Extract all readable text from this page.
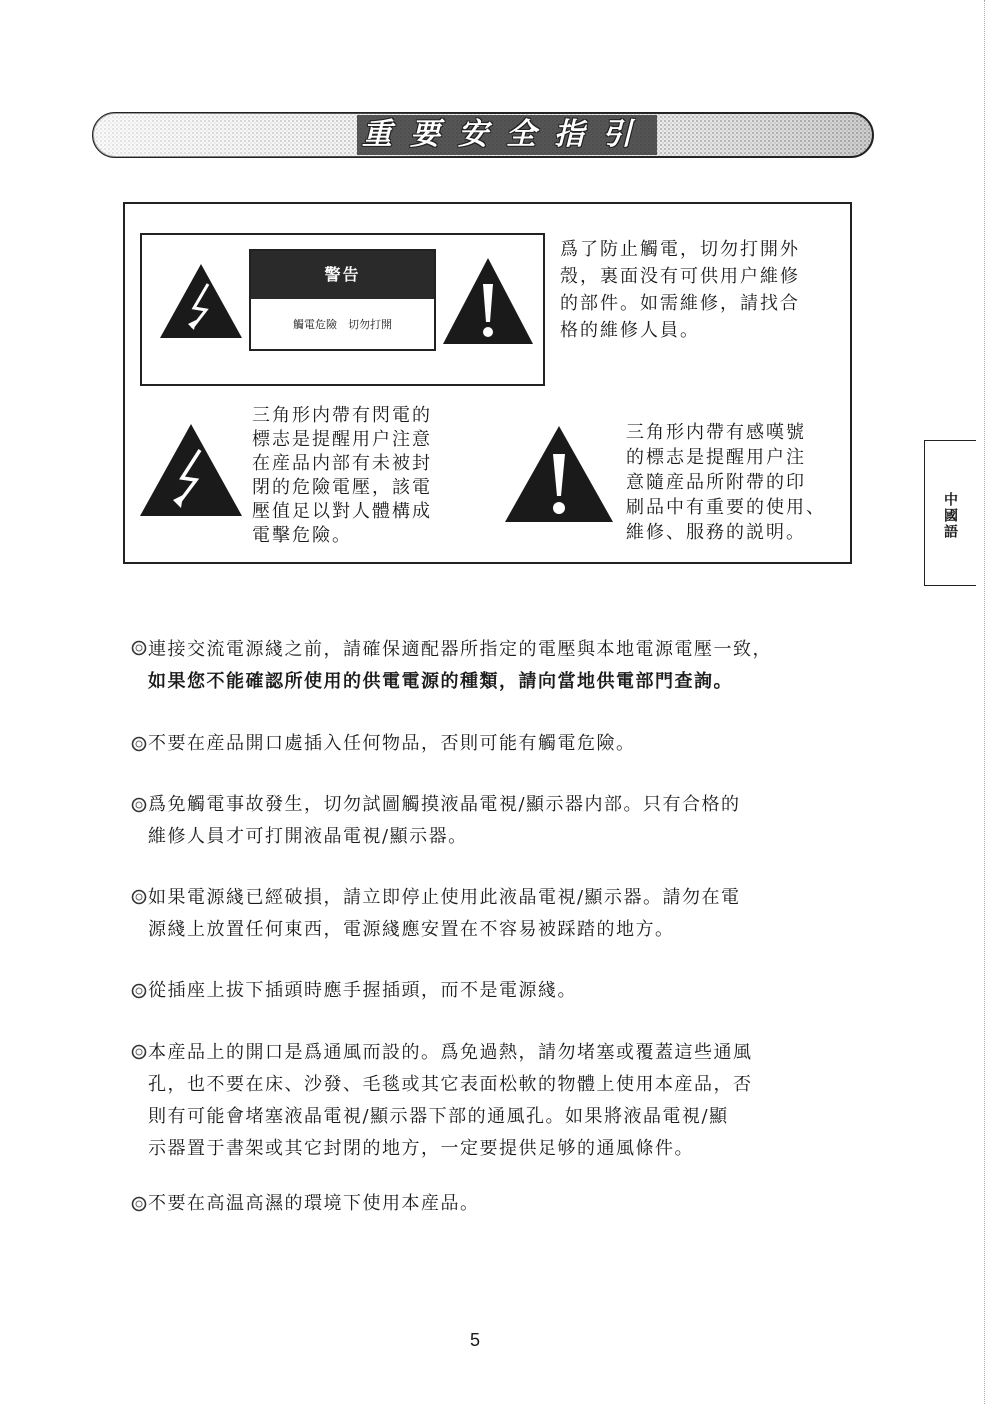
重要安全指引
警告
觸電危險　切勿打開
爲了防止觸電，切勿打開外
殼，裏面没有可供用户維修
的部件。如需維修，請找合
格的維修人員。
三角形内帶有閃電的
標志是提醒用户注意
在産品内部有未被封
閉的危險電壓，該電
壓值足以對人體構成
電擊危險。
三角形内帶有感嘆號
的標志是提醒用户注
意隨産品所附帶的印
刷品中有重要的使用、
維修、服務的説明。	中國語
連接交流電源綫之前，請確保適配器所指定的電壓與本地電源電壓一致，
如果您不能確認所使用的供電電源的種類，請向當地供電部門查詢。
不要在産品開口處插入任何物品，否則可能有觸電危險。
爲免觸電事故發生，切勿試圖觸摸液晶電視/顯示器内部。只有合格的
維修人員才可打開液晶電視/顯示器。
如果電源綫已經破損，請立即停止使用此液晶電視/顯示器。請勿在電
源綫上放置任何東西，電源綫應安置在不容易被踩踏的地方。
從插座上拔下插頭時應手握插頭，而不是電源綫。
本産品上的開口是爲通風而設的。爲免過熱，請勿堵塞或覆蓋這些通風
孔，也不要在床、沙發、毛毯或其它表面松軟的物體上使用本産品，否
則有可能會堵塞液晶電視/顯示器下部的通風孔。如果將液晶電視/顯
示器置于書架或其它封閉的地方，一定要提供足够的通風條件。
不要在高温高濕的環境下使用本産品。
5
